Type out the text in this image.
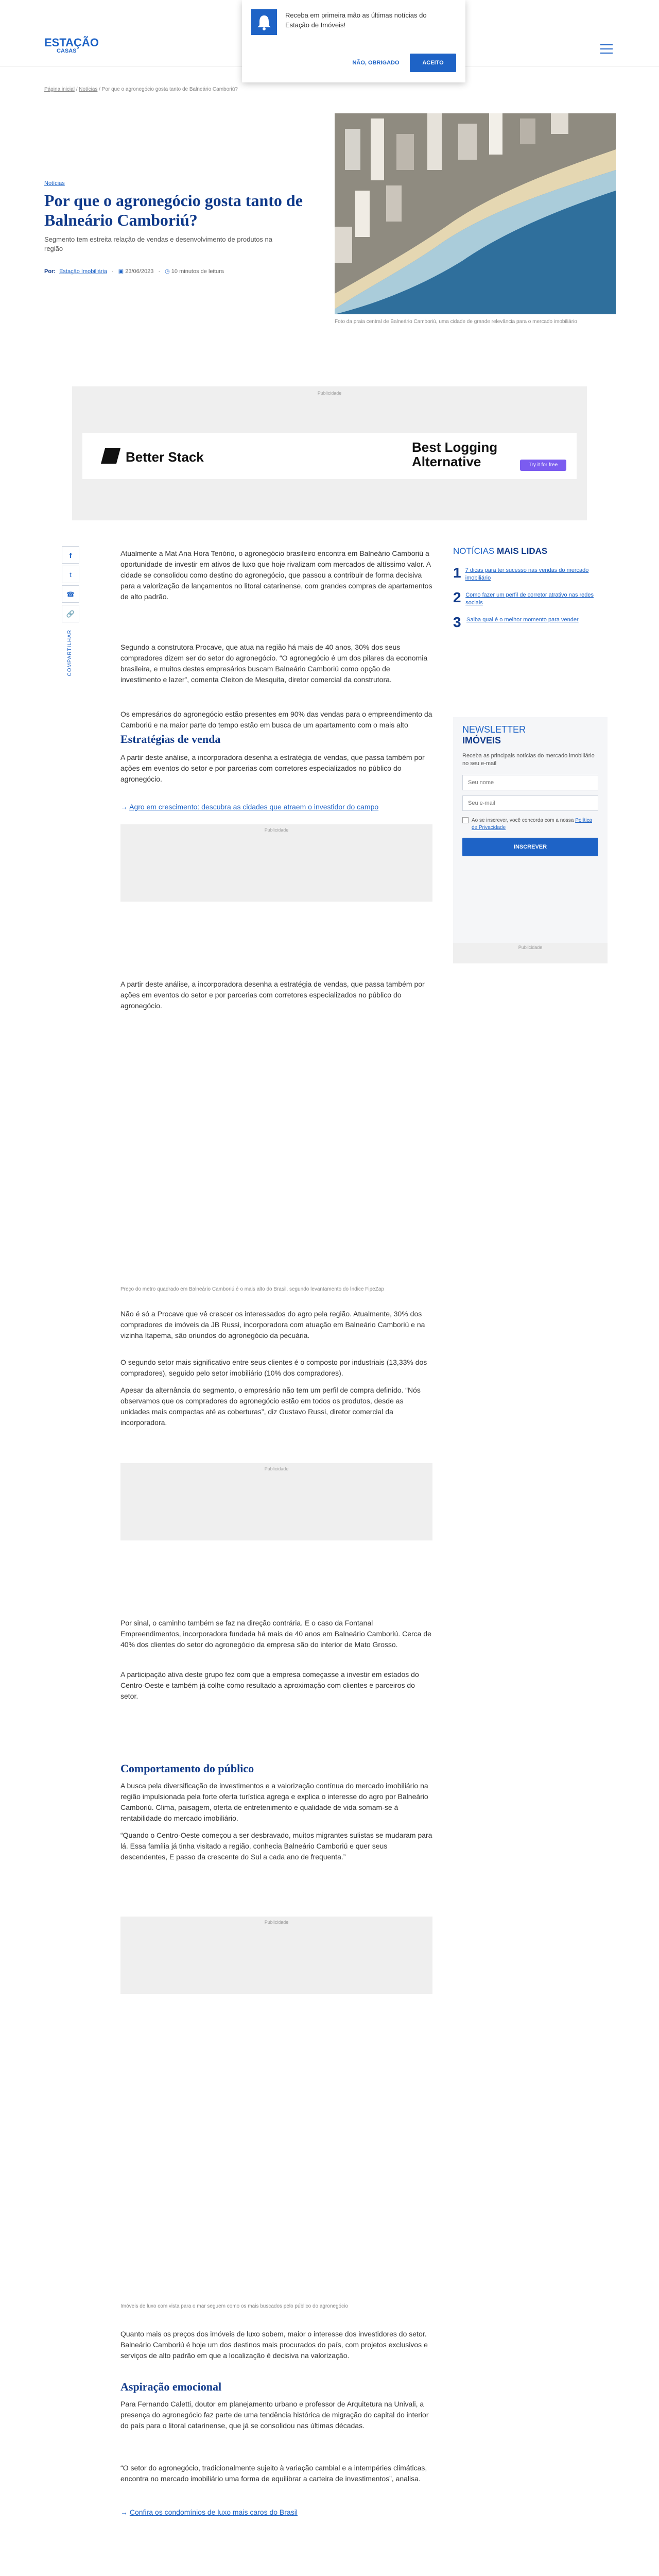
ESTAÇÃO
CASAS
Receba em primeira mão as últimas notícias do Estação de Imóveis!
NÃO, OBRIGADO	ACEITO
Página inicial / Notícias / Por que o agronegócio gosta tanto de Balneário Camboriú?
Notícias
Por que o agronegócio gosta tanto de Balneário Camboriú?
Segmento tem estreita relação de vendas e desenvolvimento de produtos na região
Por: Estação Imobiliária · ▣ 23/06/2023 · ◷ 10 minutos de leitura
Foto da praia central de Balneário Camboriú, uma cidade de grande relevância para o mercado imobiliário
Publicidade
Better Stack
Best Logging Alternative	Try it for free
f
t
☎
🔗
COMPARTILHAR
Atualmente a Mat Ana Hora Tenório, o agronegócio brasileiro encontra em Balneário Camboriú a oportunidade de investir em ativos de luxo que hoje rivalizam com mercados de altíssimo valor. A cidade se consolidou como destino do agronegócio, que passou a contribuir de forma decisiva para a valorização de lançamentos no litoral catarinense, com grandes compras de apartamentos de alto padrão.
Segundo a construtora Procave, que atua na região há mais de 40 anos, 30% dos seus compradores dizem ser do setor do agronegócio. “O agronegócio é um dos pilares da economia brasileira, e muitos destes empresários buscam Balneário Camboriú como opção de investimento e lazer”, comenta Cleiton de Mesquita, diretor comercial da construtora.
Os empresários do agronegócio estão presentes em 90% das vendas para o empreendimento da Camboriú e na maior parte do tempo estão em busca de um apartamento com o mais alto
Estratégias de venda
A partir deste análise, a incorporadora desenha a estratégia de vendas, que passa também por ações em eventos do setor e por parcerias com corretores especializados no público do agronegócio.
→ Agro em crescimento: descubra as cidades que atraem o investidor do campo
Publicidade
A partir deste análise, a incorporadora desenha a estratégia de vendas, que passa também por ações em eventos do setor e por parcerias com corretores especializados no público do agronegócio.
Preço do metro quadrado em Balneário Camboriú é o mais alto do Brasil, segundo levantamento do Índice FipeZap
Não é só a Procave que vê crescer os interessados do agro pela região. Atualmente, 30% dos compradores de imóveis da JB Russi, incorporadora com atuação em Balneário Camboriú e na vizinha Itapema, são oriundos do agronegócio da pecuária.
O segundo setor mais significativo entre seus clientes é o composto por industriais (13,33% dos compradores), seguido pelo setor imobiliário (10% dos compradores).
Apesar da alternância do segmento, o empresário não tem um perfil de compra definido. “Nós observamos que os compradores do agronegócio estão em todos os produtos, desde as unidades mais compactas até as coberturas”, diz Gustavo Russi, diretor comercial da incorporadora.
Publicidade
Por sinal, o caminho também se faz na direção contrária. E o caso da Fontanal Empreendimentos, incorporadora fundada há mais de 40 anos em Balneário Camboriú. Cerca de 40% dos clientes do setor do agronegócio da empresa são do interior de Mato Grosso.
A participação ativa deste grupo fez com que a empresa começasse a investir em estados do Centro-Oeste e também já colhe como resultado a aproximação com clientes e parceiros do setor.
Comportamento do público
A busca pela diversificação de investimentos e a valorização contínua do mercado imobiliário na região impulsionada pela forte oferta turística agrega e explica o interesse do agro por Balneário Camboriú. Clima, paisagem, oferta de entretenimento e qualidade de vida somam-se à rentabilidade do mercado imobiliário.
“Quando o Centro-Oeste começou a ser desbravado, muitos migrantes sulistas se mudaram para lá. Essa família já tinha visitado a região, conhecia Balneário Camboriú e quer seus descendentes, E passo da crescente do Sul a cada ano de frequenta.”
Publicidade
Imóveis de luxo com vista para o mar seguem como os mais buscados pelo público do agronegócio
Quanto mais os preços dos imóveis de luxo sobem, maior o interesse dos investidores do setor. Balneário Camboriú é hoje um dos destinos mais procurados do país, com projetos exclusivos e serviços de alto padrão em que a localização é decisiva na valorização.
Aspiração emocional
Para Fernando Caletti, doutor em planejamento urbano e professor de Arquitetura na Univali, a presença do agronegócio faz parte de uma tendência histórica de migração do capital do interior do país para o litoral catarinense, que já se consolidou nas últimas décadas.
“O setor do agronegócio, tradicionalmente sujeito à variação cambial e a intempéries climáticas, encontra no mercado imobiliário uma forma de equilibrar a carteira de investimentos”, analisa.
→ Confira os condomínios de luxo mais caros do Brasil

NOTÍCIAS MAIS LIDAS
1 7 dicas para ter sucesso nas vendas do mercado imobiliário
2 Como fazer um perfil de corretor atrativo nas redes sociais
3 Saiba qual é o melhor momento para vender
NEWSLETTER
IMÓVEIS
Receba as principais notícias do mercado imobiliário no seu e-mail
Seu nome
Seu e-mail
Ao se inscrever, você concorda com a nossa Política de Privacidade
INSCREVER
Publicidade
